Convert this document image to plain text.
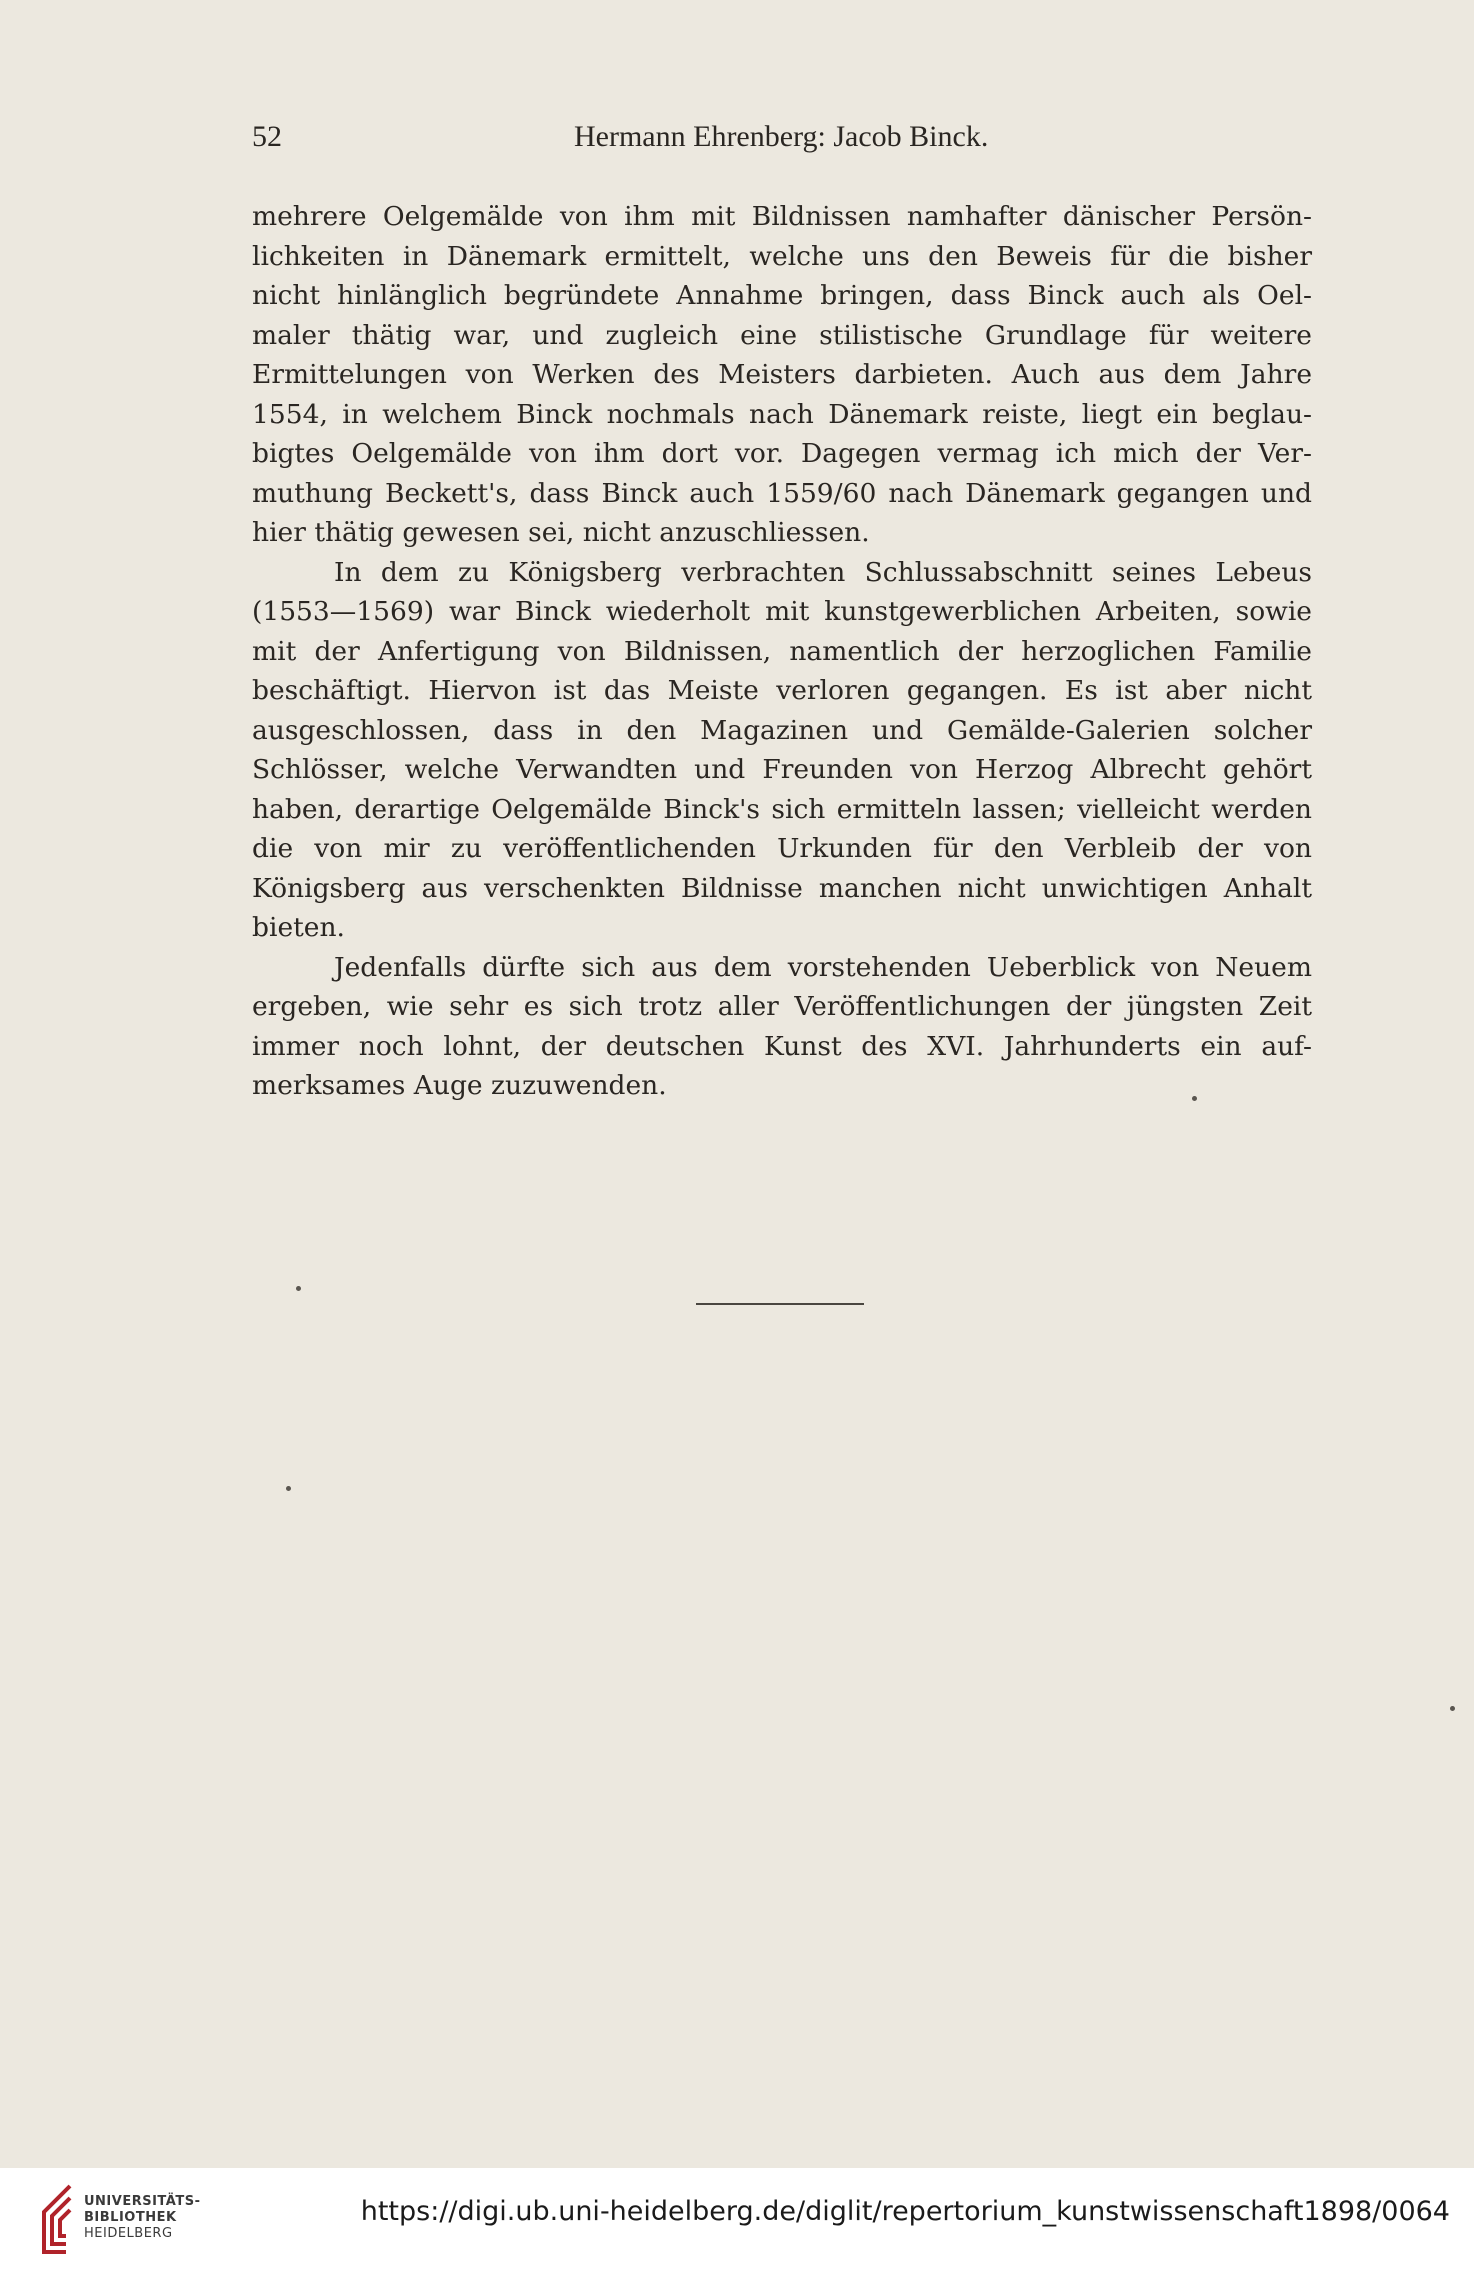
52	Hermann Ehrenberg: Jacob Binck.

mehrere Oelgemälde von ihm mit Bildnissen namhafter dänischer Persön-
lichkeiten in Dänemark ermittelt, welche uns den Beweis für die bisher
nicht hinlänglich begründete Annahme bringen, dass Binck auch als Oel-
maler thätig war, und zugleich eine stilistische Grundlage für weitere
Ermittelungen von Werken des Meisters darbieten. Auch aus dem Jahre
1554, in welchem Binck nochmals nach Dänemark reiste, liegt ein beglau-
bigtes Oelgemälde von ihm dort vor. Dagegen vermag ich mich der Ver-
muthung Beckett's, dass Binck auch 1559/60 nach Dänemark gegangen und
hier thätig gewesen sei, nicht anzuschliessen.

In dem zu Königsberg verbrachten Schlussabschnitt seines Lebeus
(1553—1569) war Binck wiederholt mit kunstgewerblichen Arbeiten, sowie
mit der Anfertigung von Bildnissen, namentlich der herzoglichen Familie
beschäftigt. Hiervon ist das Meiste verloren gegangen. Es ist aber nicht
ausgeschlossen, dass in den Magazinen und Gemälde-Galerien solcher
Schlösser, welche Verwandten und Freunden von Herzog Albrecht gehört
haben, derartige Oelgemälde Binck's sich ermitteln lassen; vielleicht werden
die von mir zu veröffentlichenden Urkunden für den Verbleib der von
Königsberg aus verschenkten Bildnisse manchen nicht unwichtigen Anhalt
bieten.

Jedenfalls dürfte sich aus dem vorstehenden Ueberblick von Neuem
ergeben, wie sehr es sich trotz aller Veröffentlichungen der jüngsten Zeit
immer noch lohnt, der deutschen Kunst des XVI. Jahrhunderts ein auf-
merksames Auge zuzuwenden.

UNIVERSITÄTS-
BIBLIOTHEK
HEIDELBERG
https://digi.ub.uni-heidelberg.de/diglit/repertorium_kunstwissenschaft1898/0064
